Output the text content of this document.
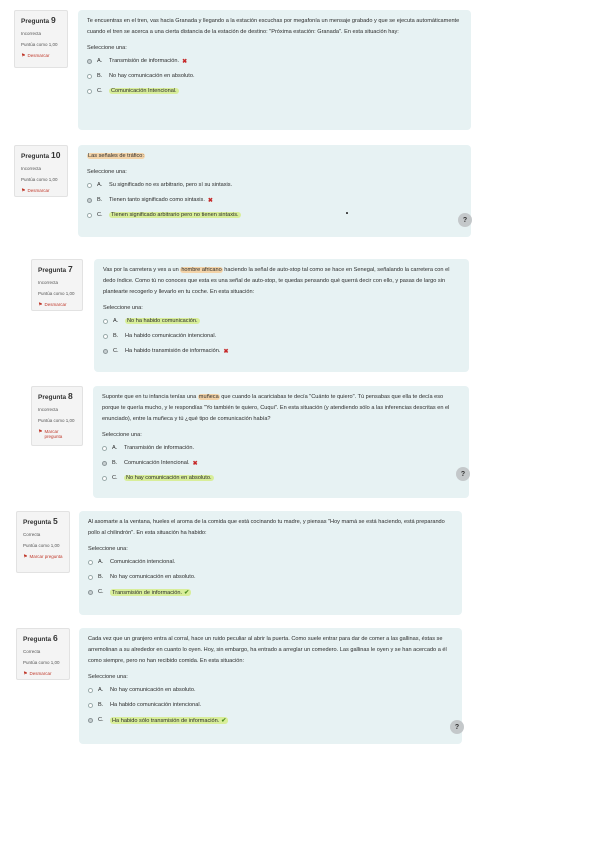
Pregunta 9
Incorrecta
Puntúa como 1,00
⚑ Desmarcar
Te encuentras en el tren, vas hacia Granada y llegando a la estación escuchas por megafonía un mensaje grabado y que se ejecuta automáticamente cuando el tren se acerca a una cierta distancia de la estación de destino: "Próxima estación: Granada". En esta situación hay:
Seleccione una:
A.	Transmisión de información. ✖
B.	No hay comunicación en absoluto.
C.	Comunicación Intencional.
Pregunta 10
Incorrecta
Puntúa como 1,00
⚑ Desmarcar
Las señales de tráfico:
Seleccione una:
A.	Su significado no es arbitrario, pero sí su sintaxis.
B.	Tienen tanto significado como sintaxis. ✖
C.	Tienen significado arbitrario pero no tienen sintaxis.
?
Pregunta 7
Incorrecta
Puntúa como 1,00
⚑ Desmarcar
Vas por la carretera y ves a un hombre africano haciendo la señal de auto-stop tal como se hace en Senegal, señalando la carretera con el dedo índice. Como tú no conoces que esta es una señal de auto-stop, te quedas pensando qué querrá decir con ello, y pasas de largo sin plantearte recogerlo y llevarlo en tu coche. En esta situación:
Seleccione una:
A.	No ha habido comunicación.
B.	Ha habido comunicación intencional.
C.	Ha habido transmisión de información. ✖
Pregunta 8
Incorrecta
Puntúa como 1,00
⚑ Marcar pregunta
Suponte que en tu infancia tenías una muñeca que cuando la acariciabas te decía "Cuánto te quiero". Tú pensabas que ella te decía eso porque te quería mucho, y le respondías "Yo también te quiero, Cuqui". En esta situación (y atendiendo sólo a las inferencias descritas en el enunciado), entre la muñeca y tú ¿qué tipo de comunicación había?
Seleccione una:
A.	Transmisión de información.
B.	Comunicación Intencional. ✖
C.	No hay comunicación en absoluto.
?
Pregunta 5
Correcta
Puntúa como 1,00
⚑ Marcar pregunta
Al asomarte a la ventana, hueles el aroma de la comida que está cocinando tu madre, y piensas "Hoy mamá se está haciendo, está preparando pollo al chilindrón". En esta situación ha habido:
Seleccione una:
A.	Comunicación intencional.
B.	No hay comunicación en absoluto.
C.	Transmisión de información. ✔
Pregunta 6
Correcta
Puntúa como 1,00
⚑ Desmarcar
Cada vez que un granjero entra al corral, hace un ruido peculiar al abrir la puerta. Como suele entrar para dar de comer a las gallinas, éstas se arremolinan a su alrededor en cuanto lo oyen. Hoy, sin embargo, ha entrado a arreglar un comedero. Las gallinas le oyen y se han acercado a él como siempre, pero no han recibido comida. En esta situación:
Seleccione una:
A.	No hay comunicación en absoluto.
B.	Ha habido comunicación intencional.
C.	Ha habido sólo transmisión de información. ✔
?
